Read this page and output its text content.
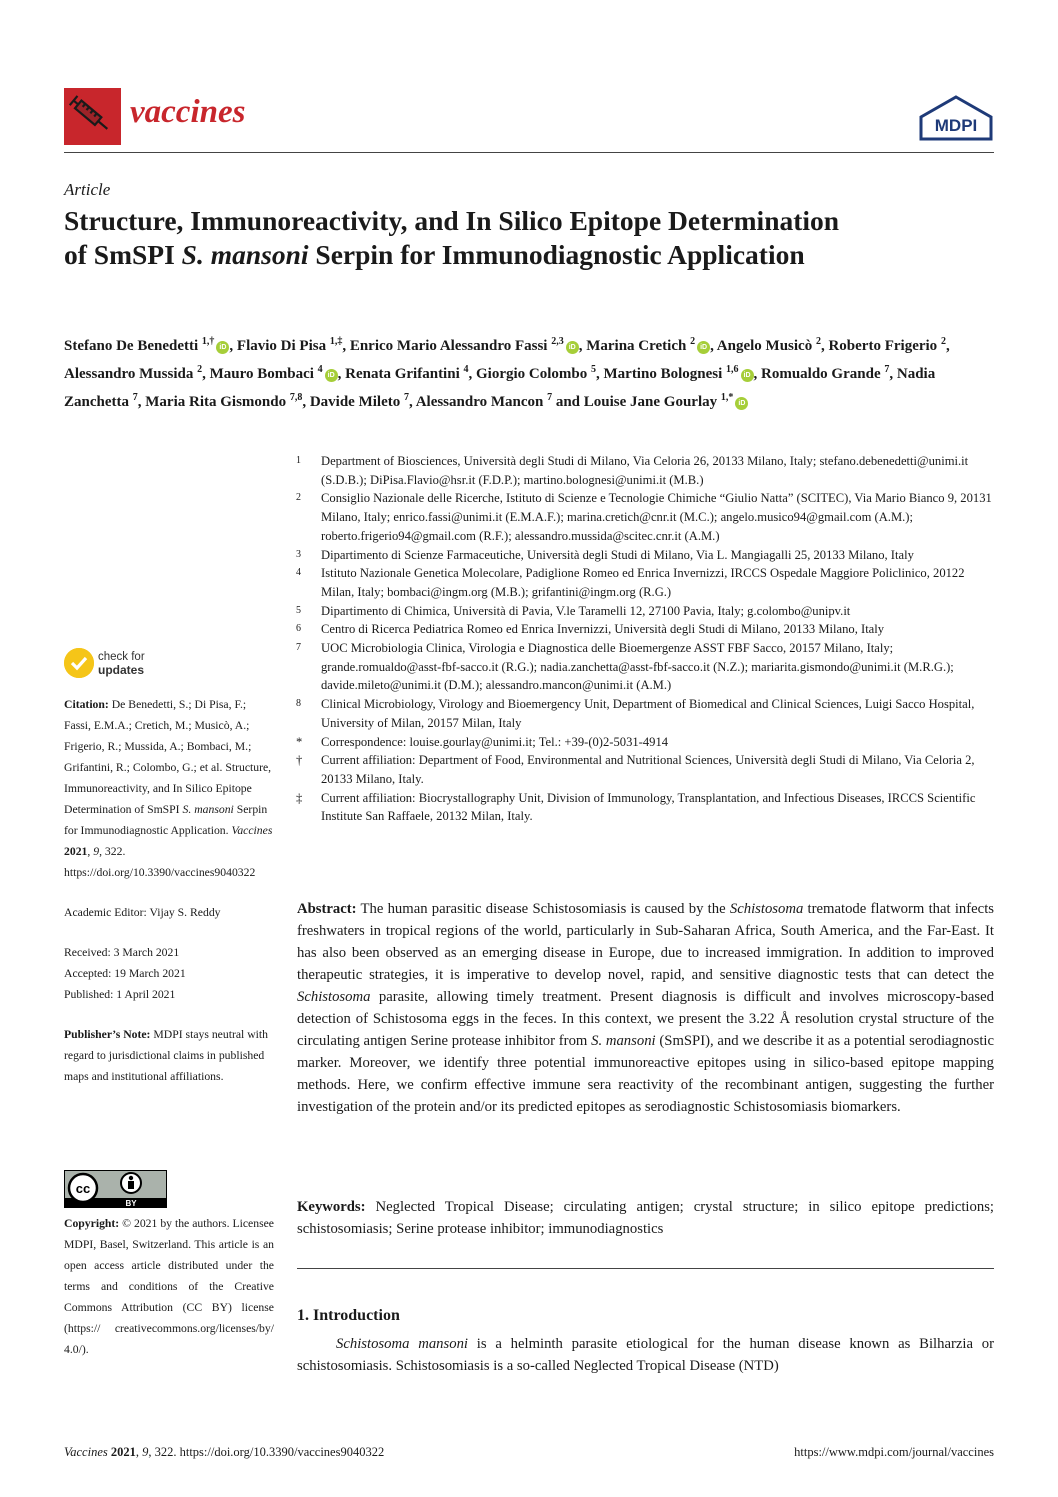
vaccines	MDPI
Article
Structure, Immunoreactivity, and In Silico Epitope Determination of SmSPI S. mansoni Serpin for Immunodiagnostic Application
Stefano De Benedetti $^{1,\dagger}$iD , Flavio Di Pisa $^{1,\ddagger}$, Enrico Mario Alessandro Fassi $^{2,3}$iD , Marina Cretich $^2$iD , Angelo Musicò $^2$, Roberto Frigerio $^2$, Alessandro Mussida $^2$, Mauro Bombaci $^4$iD , Renata Grifantini $^4$, Giorgio Colombo $^5$, Martino Bolognesi $^{1,6}$iD , Romualdo Grande $^7$, Nadia Zanchetta $^7$, Maria Rita Gismondo $^{7,8}$, Davide Mileto $^7$, Alessandro Mancon $^7$ and Louise Jane Gourlay $^{1,*}$iD
1	Department of Biosciences, Università degli Studi di Milano, Via Celoria 26, 20133 Milano, Italy; stefano.debenedetti@unimi.it (S.D.B.); DiPisa.Flavio@hsr.it (F.D.P.); martino.bolognesi@unimi.it (M.B.)
2	Consiglio Nazionale delle Ricerche, Istituto di Scienze e Tecnologie Chimiche “Giulio Natta” (SCITEC), Via Mario Bianco 9, 20131 Milano, Italy; enrico.fassi@unimi.it (E.M.A.F.); marina.cretich@cnr.it (M.C.); angelo.musico94@gmail.com (A.M.); roberto.frigerio94@gmail.com (R.F.); alessandro.mussida@scitec.cnr.it (A.M.)
3	Dipartimento di Scienze Farmaceutiche, Università degli Studi di Milano, Via L. Mangiagalli 25, 20133 Milano, Italy
4	Istituto Nazionale Genetica Molecolare, Padiglione Romeo ed Enrica Invernizzi, IRCCS Ospedale Maggiore Policlinico, 20122 Milan, Italy; bombaci@ingm.org (M.B.); grifantini@ingm.org (R.G.)
5	Dipartimento di Chimica, Università di Pavia, V.le Taramelli 12, 27100 Pavia, Italy; g.colombo@unipv.it
6	Centro di Ricerca Pediatrica Romeo ed Enrica Invernizzi, Università degli Studi di Milano, 20133 Milano, Italy
7	UOC Microbiologia Clinica, Virologia e Diagnostica delle Bioemergenze ASST FBF Sacco, 20157 Milano, Italy; grande.romualdo@asst-fbf-sacco.it (R.G.); nadia.zanchetta@asst-fbf-sacco.it (N.Z.); mariarita.gismondo@unimi.it (M.R.G.); davide.mileto@unimi.it (D.M.); alessandro.mancon@unimi.it (A.M.)
8	Clinical Microbiology, Virology and Bioemergency Unit, Department of Biomedical and Clinical Sciences, Luigi Sacco Hospital, University of Milan, 20157 Milan, Italy
*	Correspondence: louise.gourlay@unimi.it; Tel.: +39-(0)2-5031-4914
†	Current affiliation: Department of Food, Environmental and Nutritional Sciences, Università degli Studi di Milano, Via Celoria 2, 20133 Milano, Italy.
‡	Current affiliation: Biocrystallography Unit, Division of Immunology, Transplantation, and Infectious Diseases, IRCCS Scientific Institute San Raffaele, 20132 Milan, Italy.
check for
updates
Citation: De Benedetti, S.; Di Pisa, F.; Fassi, E.M.A.; Cretich, M.; Musicò, A.; Frigerio, R.; Mussida, A.; Bombaci, M.; Grifantini, R.; Colombo, G.; et al. Structure, Immunoreactivity, and In Silico Epitope Determination of SmSPI S. mansoni Serpin for Immunodiagnostic Application. Vaccines 2021, 9, 322. https://doi.org/10.3390/vaccines9040322
Academic Editor: Vijay S. Reddy
Received: 3 March 2021
Accepted: 19 March 2021
Published: 1 April 2021
Publisher’s Note: MDPI stays neutral with regard to jurisdictional claims in published maps and institutional affiliations.
cc
BY
Copyright: © 2021 by the authors. Licensee MDPI, Basel, Switzerland. This article is an open access article distributed under the terms and conditions of the Creative Commons Attribution (CC BY) license (https:// creativecommons.org/licenses/by/ 4.0/).
Abstract: The human parasitic disease Schistosomiasis is caused by the Schistosoma trematode flatworm that infects freshwaters in tropical regions of the world, particularly in Sub-Saharan Africa, South America, and the Far-East. It has also been observed as an emerging disease in Europe, due to increased immigration. In addition to improved therapeutic strategies, it is imperative to develop novel, rapid, and sensitive diagnostic tests that can detect the Schistosoma parasite, allowing timely treatment. Present diagnosis is difficult and involves microscopy-based detection of Schistosoma eggs in the feces. In this context, we present the 3.22 Å resolution crystal structure of the circulating antigen Serine protease inhibitor from S. mansoni (SmSPI), and we describe it as a potential serodiagnostic marker. Moreover, we identify three potential immunoreactive epitopes using in silico-based epitope mapping methods. Here, we confirm effective immune sera reactivity of the recombinant antigen, suggesting the further investigation of the protein and/or its predicted epitopes as serodiagnostic Schistosomiasis biomarkers.
Keywords: Neglected Tropical Disease; circulating antigen; crystal structure; in silico epitope predictions; schistosomiasis; Serine protease inhibitor; immunodiagnostics
1. Introduction
Schistosoma mansoni is a helminth parasite etiological for the human disease known as Bilharzia or schistosomiasis. Schistosomiasis is a so-called Neglected Tropical Disease (NTD)
Vaccines 2021, 9, 322. https://doi.org/10.3390/vaccines9040322	https://www.mdpi.com/journal/vaccines
